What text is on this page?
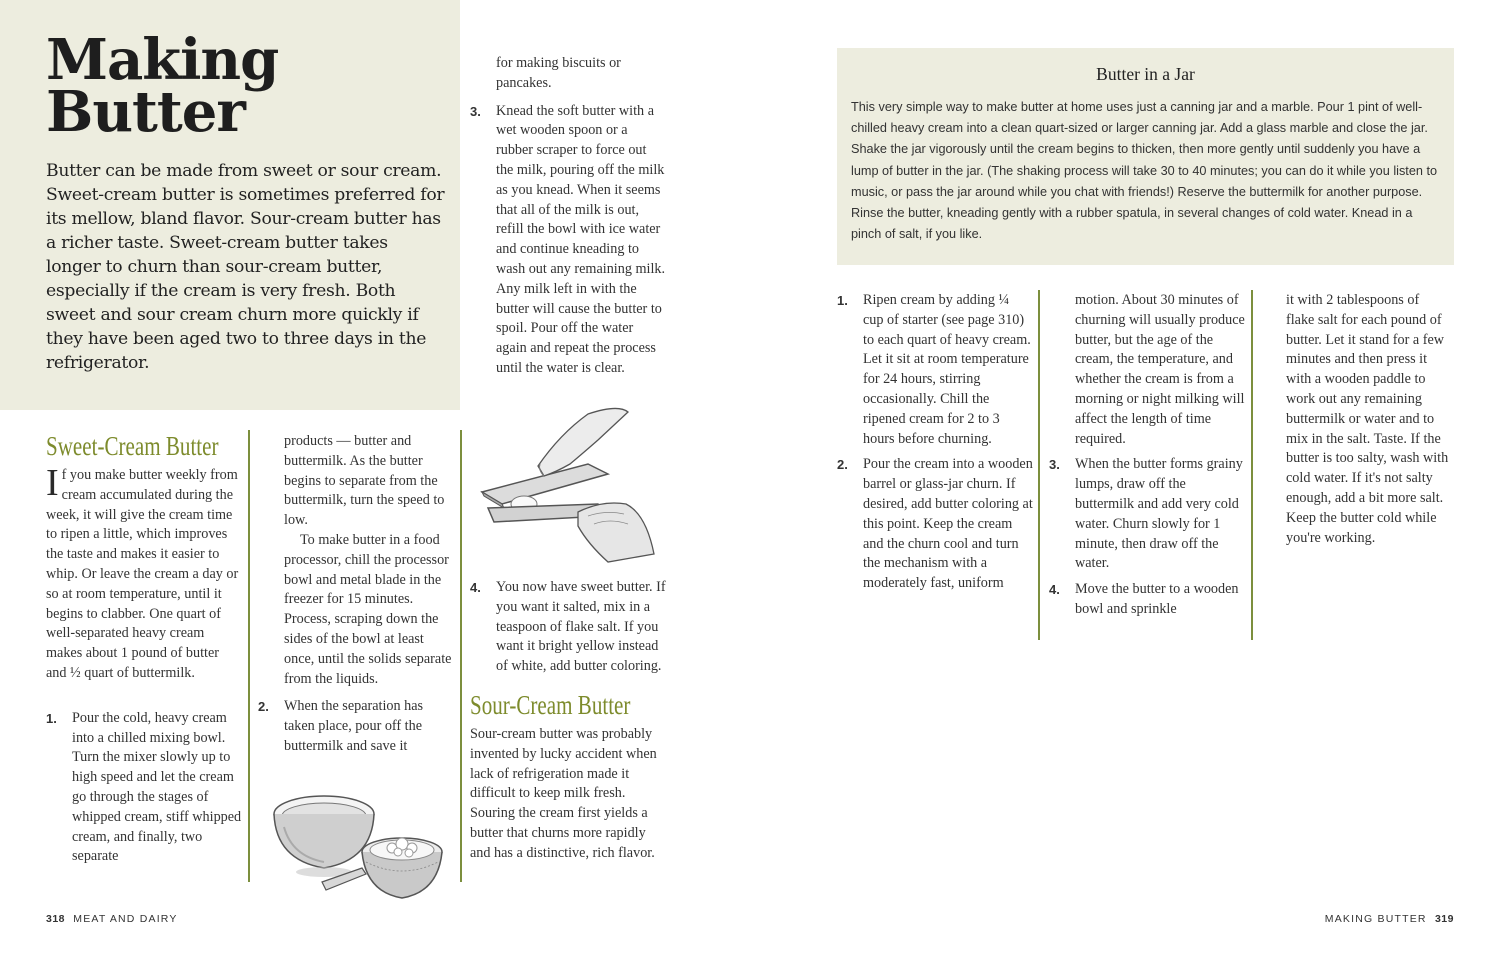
Making
Butter

Butter can be made from sweet or sour cream. Sweet-cream butter is sometimes preferred for its mellow, bland flavor. Sour-cream butter has a richer taste. Sweet-cream butter takes longer to churn than sour-cream butter, especially if the cream is very fresh. Both sweet and sour cream churn more quickly if they have been aged two to three days in the refrigerator.

Sweet-Cream Butter

If you make butter weekly from cream accumulated during the week, it will give the cream time to ripen a little, which improves the taste and makes it easier to whip. Or leave the cream a day or so at room temperature, until it begins to clabber. One quart of well-separated heavy cream makes about 1 pound of butter and ½ quart of buttermilk.

1. Pour the cold, heavy cream into a chilled mixing bowl. Turn the mixer slowly up to high speed and let the cream go through the stages of whipped cream, stiff whipped cream, and finally, two separate

products — butter and buttermilk. As the butter begins to separate from the buttermilk, turn the speed to low.

To make butter in a food processor, chill the processor bowl and metal blade in the freezer for 15 minutes. Process, scraping down the sides of the bowl at least once, until the solids separate from the liquids.

2. When the separation has taken place, pour off the buttermilk and save it

for making biscuits or pancakes.

3. Knead the soft butter with a wet wooden spoon or a rubber scraper to force out the milk, pouring off the milk as you knead. When it seems that all of the milk is out, refill the bowl with ice water and continue kneading to wash out any remaining milk. Any milk left in with the butter will cause the butter to spoil. Pour off the water again and repeat the process until the water is clear.
4. You now have sweet butter. If you want it salted, mix in a teaspoon of flake salt. If you want it bright yellow instead of white, add butter coloring.
Sour-Cream Butter

Sour-cream butter was probably invented by lucky accident when lack of refrigeration made it difficult to keep milk fresh. Souring the cream first yields a butter that churns more rapidly and has a distinctive, rich flavor.

318 MEAT AND DAIRY
Butter in a Jar

This very simple way to make butter at home uses just a canning jar and a marble. Pour 1 pint of well-chilled heavy cream into a clean quart-sized or larger canning jar. Add a glass marble and close the jar. Shake the jar vigorously until the cream begins to thicken, then more gently until suddenly you have a lump of butter in the jar. (The shaking process will take 30 to 40 minutes; you can do it while you listen to music, or pass the jar around while you chat with friends!) Reserve the buttermilk for another purpose. Rinse the butter, kneading gently with a rubber spatula, in several changes of cold water. Knead in a pinch of salt, if you like.

1. Ripen cream by adding ¼ cup of starter (see page 310) to each quart of heavy cream. Let it sit at room temperature for 24 hours, stirring occasionally. Chill the ripened cream for 2 to 3 hours before churning.
2. Pour the cream into a wooden barrel or glass-jar churn. If desired, add butter coloring at this point. Keep the cream and the churn cool and turn the mechanism with a moderately fast, uniform

motion. About 30 minutes of churning will usually produce butter, but the age of the cream, the temperature, and whether the cream is from a morning or night milking will affect the length of time required.

3. When the butter forms grainy lumps, draw off the buttermilk and add very cold water. Churn slowly for 1 minute, then draw off the water.
4. Move the butter to a wooden bowl and sprinkle

it with 2 tablespoons of flake salt for each pound of butter. Let it stand for a few minutes and then press it with a wooden paddle to work out any remaining buttermilk or water and to mix in the salt. Taste. If the butter is too salty, wash with cold water. If it's not salty enough, add a bit more salt. Keep the butter cold while you're working.

MAKING BUTTER 319
